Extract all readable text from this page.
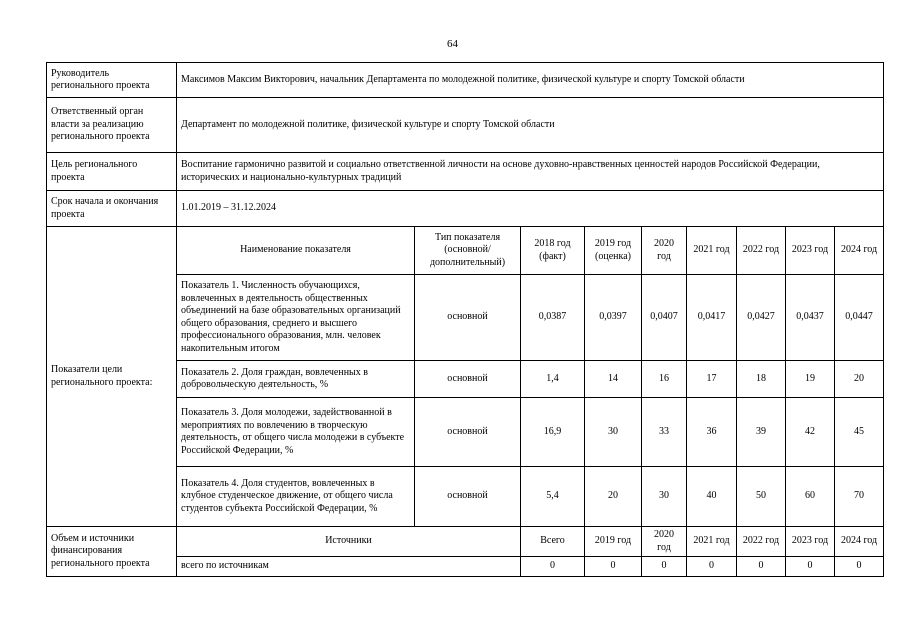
64
Руководитель регионального проекта	Максимов Максим Викторович, начальник Департамента по молодежной политике, физической культуре и спорту Томской области								
Ответственный орган власти за реализацию регионального проекта	Департамент по молодежной политике, физической культуре и спорту Томской области								
Цель регионального проекта	Воспитание гармонично развитой и социально ответственной личности на основе духовно-нравственных ценностей народов Российской Федерации, исторических и национально-культурных традиций								
Срок начала и окончания проекта	1.01.2019 – 31.12.2024								
Показатели цели регионального проекта:	Наименование показателя	Тип показателя (основной/ дополнительный)	2018 год (факт)	2019 год (оценка)	2020 год	2021 год	2022 год	2023 год	2024 год
	Показатель 1. Численность обучающихся, вовлеченных в деятельность общественных объединений на базе образовательных организаций общего образования, среднего и высшего профессионального образования, млн. человек накопительным итогом	основной	0,0387	0,0397	0,0407	0,0417	0,0427	0,0437	0,0447
	Показатель 2. Доля граждан, вовлеченных в добровольческую деятельность, %	основной	1,4	14	16	17	18	19	20
	Показатель 3. Доля молодежи, задействованной в мероприятиях по вовлечению в творческую деятельность, от общего числа молодежи в субъекте Российской Федерации, %	основной	16,9	30	33	36	39	42	45
	Показатель 4. Доля студентов, вовлеченных в клубное студенческое движение, от общего числа студентов субъекта Российской Федерации, %	основной	5,4	20	30	40	50	60	70
Объем и источники финансирования регионального проекта	Источники		Всего	2019 год	2020 год	2021 год	2022 год	2023 год	2024 год
	всего по источникам		0	0	0	0	0	0	0
